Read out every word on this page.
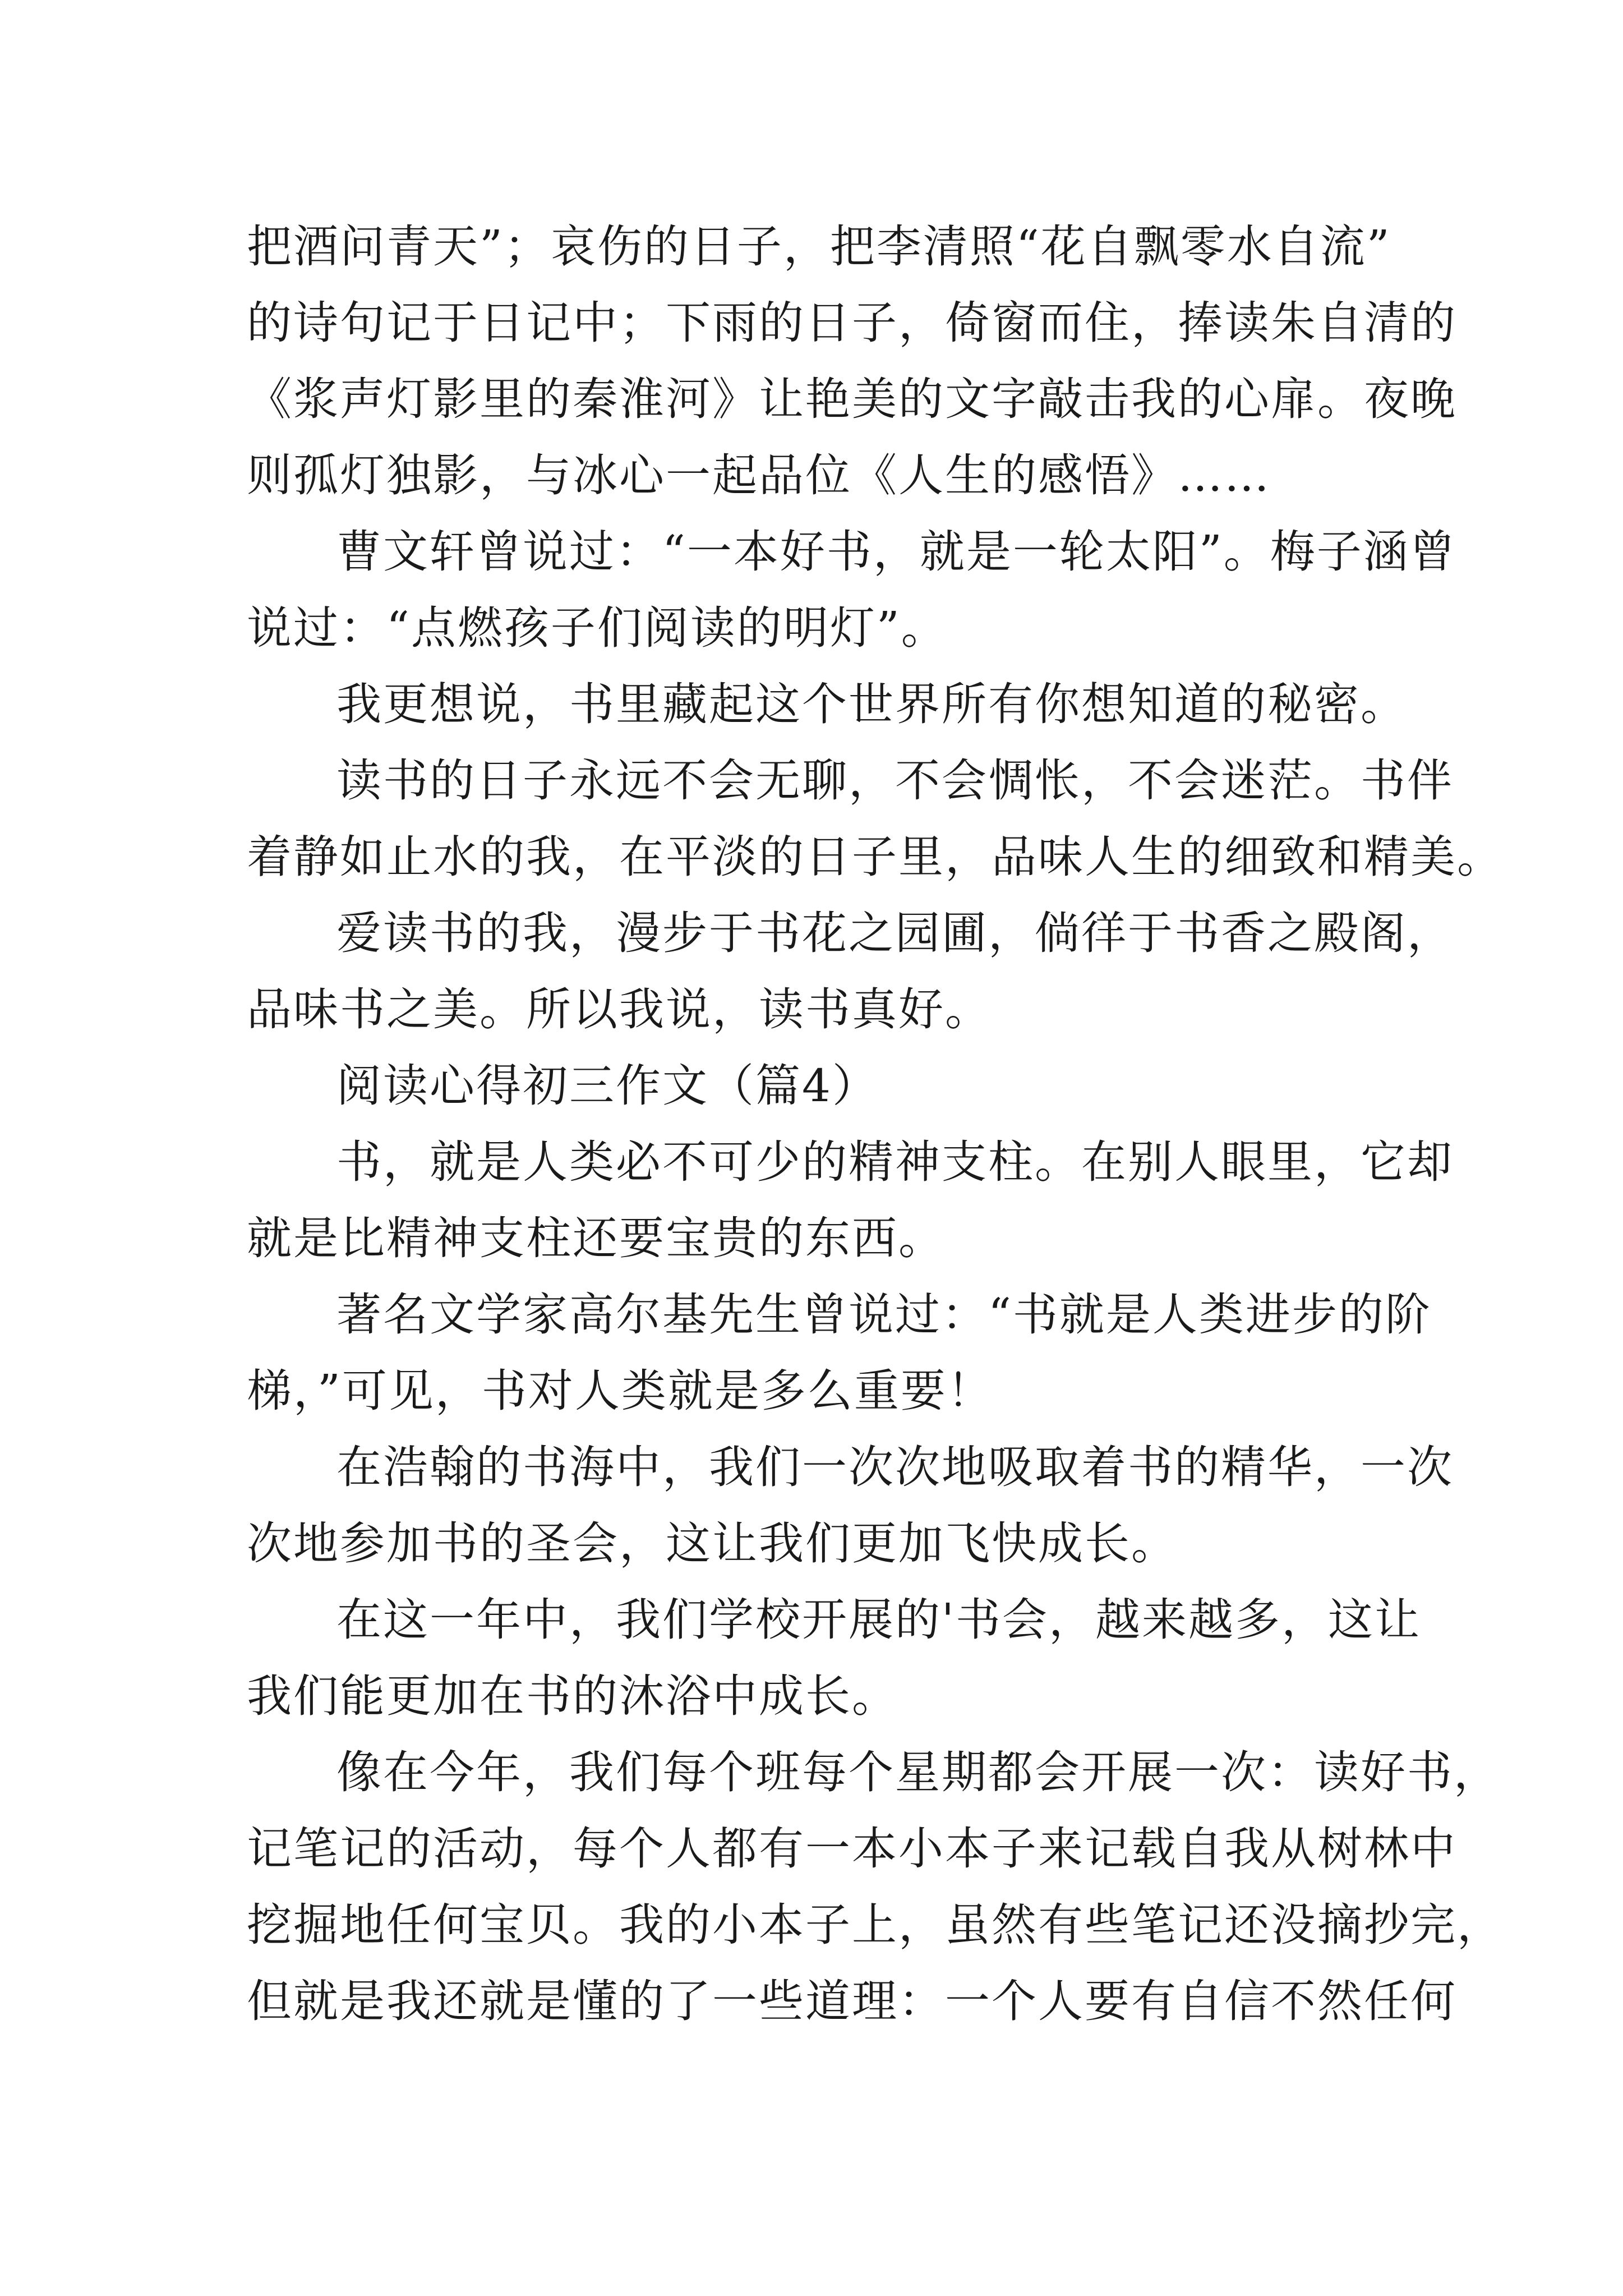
把酒问青天”；哀伤的日子，把李清照“花自飘零水自流”
的诗句记于日记中；下雨的日子，倚窗而住，捧读朱自清的
《浆声灯影里的秦淮河》让艳美的文字敲击我的心扉。夜晚
则孤灯独影，与冰心一起品位《人生的感悟》……
曹文轩曾说过：“一本好书，就是一轮太阳”。梅子涵曾
说过：“点燃孩子们阅读的明灯”。
我更想说，书里藏起这个世界所有你想知道的秘密。
读书的日子永远不会无聊，不会惆怅，不会迷茫。书伴
着静如止水的我，在平淡的日子里，品味人生的细致和精美。
爱读书的我，漫步于书花之园圃，倘徉于书香之殿阁，
品味书之美。所以我说，读书真好。
阅读心得初三作文（篇4）
书，就是人类必不可少的精神支柱。在别人眼里，它却
就是比精神支柱还要宝贵的东西。
著名文学家高尔基先生曾说过：“书就是人类进步的阶
梯，”可见，书对人类就是多么重要！
在浩翰的书海中，我们一次次地吸取着书的精华，一次
次地参加书的圣会，这让我们更加飞快成长。
在这一年中，我们学校开展的'书会，越来越多，这让
我们能更加在书的沐浴中成长。
像在今年，我们每个班每个星期都会开展一次：读好书，
记笔记的活动，每个人都有一本小本子来记载自我从树林中
挖掘地任何宝贝。我的小本子上，虽然有些笔记还没摘抄完，
但就是我还就是懂的了一些道理：一个人要有自信不然任何
